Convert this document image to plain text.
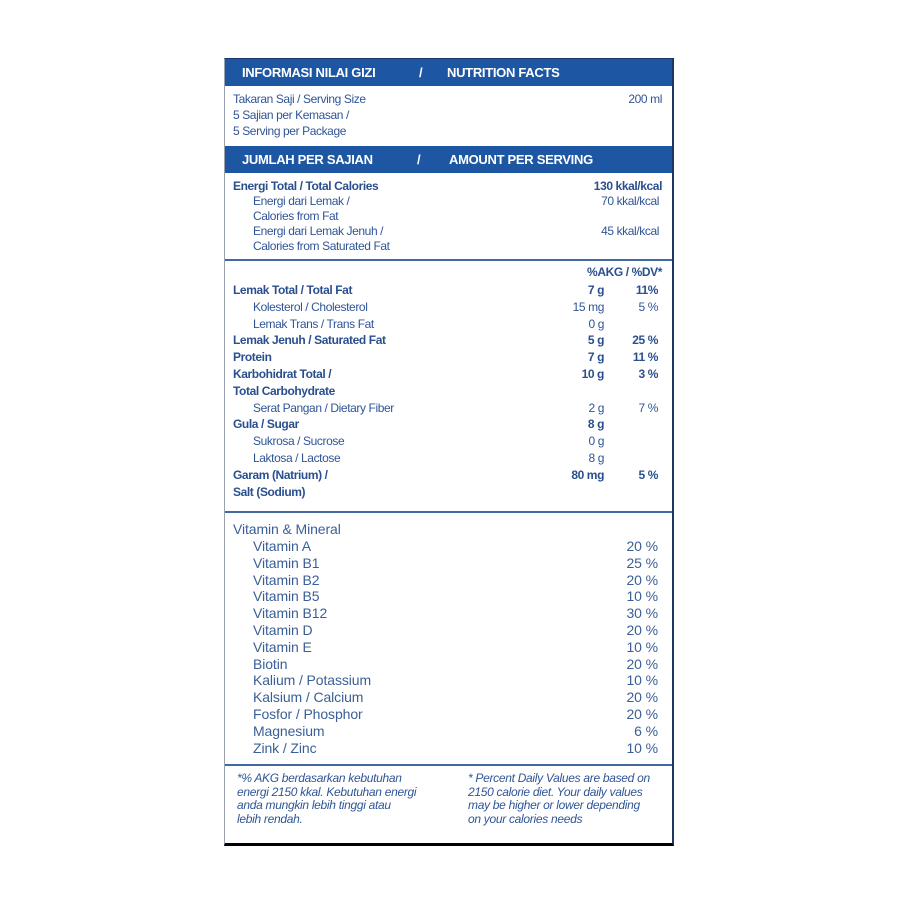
INFORMASI NILAI GIZI	/ NUTRITION FACTS
Takaran Saji / Serving Size	200 ml
5 Sajian per Kemasan /
5 Serving per Package
JUMLAH PER SAJIAN	/ AMOUNT PER SERVING
Energi Total / Total Calories	130 kkal/kcal
Energi dari Lemak /	70 kkal/kcal
Calories from Fat
Energi dari Lemak Jenuh /	45 kkal/kcal
Calories from Saturated Fat
%AKG / %DV*
Lemak Total / Total Fat	7 g	11%
Kolesterol / Cholesterol	15 mg	5 %
Lemak Trans / Trans Fat	0 g
Lemak Jenuh / Saturated Fat	5 g 25 %
Protein	7 g 11 %
Karbohidrat Total /	10 g	3 %
Total Carbohydrate
Serat Pangan / Dietary Fiber	2 g	7 %
Gula / Sugar	8 g
Sukrosa / Sucrose	0 g
Laktosa / Lactose	8 g
Garam (Natrium) /	80 mg	5 %
Salt (Sodium)
Vitamin & Mineral
Vitamin A	20 %
Vitamin B1	25 %
Vitamin B2	20 %
Vitamin B5	10 %
Vitamin B12	30 %
Vitamin D	20 %
Vitamin E	10 %
Biotin	20 %
Kalium / Potassium	10 %
Kalsium / Calcium	20 %
Fosfor / Phosphor	20 %
Magnesium	6 %
Zink / Zinc	10 %
*% AKG berdasarkan kebutuhan
energi 2150 kkal. Kebutuhan energi
anda mungkin lebih tinggi atau
lebih rendah.
* Percent Daily Values are based on
2150 calorie diet. Your daily values
may be higher or lower depending
on your calories needs
